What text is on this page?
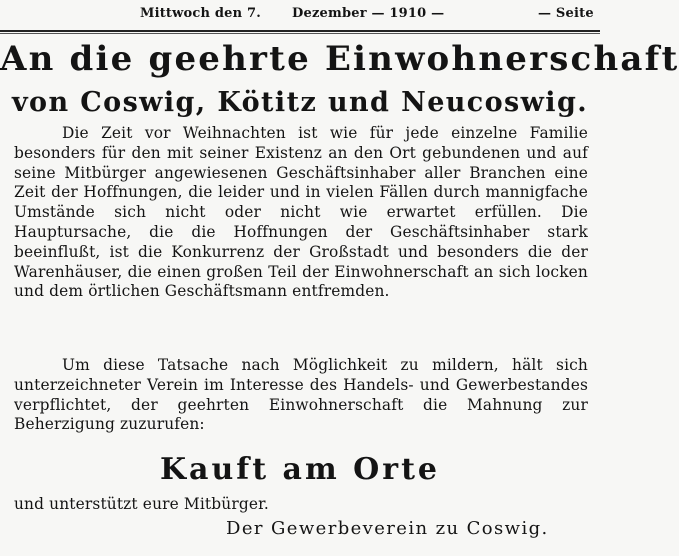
Mittwoch den 7. Dezember — 1910 —	— Seite
An die geehrte Einwohnerschaft
von Coswig, Kötitz und Neucoswig.
Die Zeit vor Weihnachten ist wie für jede einzelne Familie besonders für den mit seiner Existenz an den Ort gebundenen und auf seine Mitbürger angewiesenen Geschäftsinhaber aller Branchen eine Zeit der Hoffnungen, die leider und in vielen Fällen durch mannigfache Umstände sich nicht oder nicht wie erwartet erfüllen. Die Hauptursache, die die Hoffnungen der Geschäftsinhaber stark beeinflußt, ist die Konkurrenz der Großstadt und besonders die der Warenhäuser, die einen großen Teil der Einwohnerschaft an sich locken und dem örtlichen Geschäftsmann entfremden.
Um diese Tatsache nach Möglichkeit zu mildern, hält sich unterzeichneter Verein im Interesse des Handels- und Gewerbestandes verpflichtet, der geehrten Einwohnerschaft die Mahnung zur Beherzigung zuzurufen:
Kauft am Orte
und unterstützt eure Mitbürger.
Der Gewerbeverein zu Coswig.
